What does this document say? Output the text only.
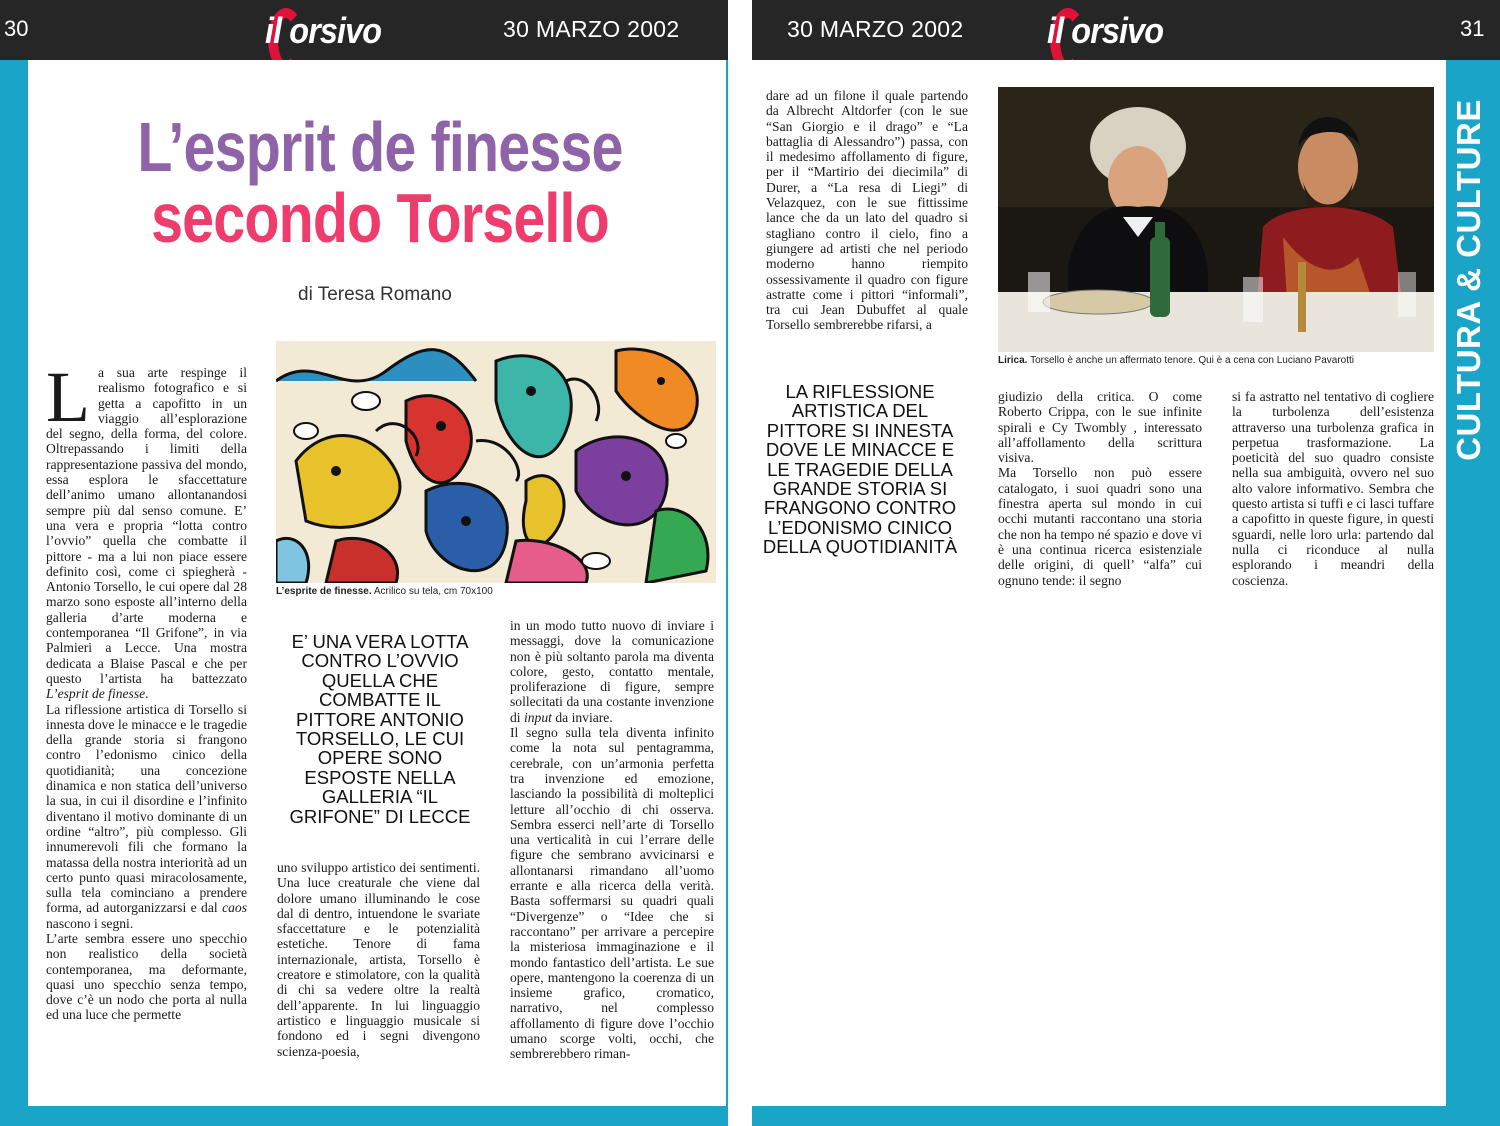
30	il orsivo	30 MARZO 2002
L’esprit de finesse
secondo Torsello
di Teresa Romano

La sua arte respinge il realismo fotografico e si getta a capofitto in un viaggio all’esplorazione del segno, della forma, del colore. Oltrepassando i limiti della rappresentazione passiva del mondo, essa esplora le sfaccettature dell’animo umano allontanandosi sempre più dal senso comune. E’ una vera e propria “lotta contro l’ovvio” quella che combatte il pittore - ma a lui non piace essere definito così, come ci spiegherà - Antonio Torsello, le cui opere dal 28 marzo sono esposte all’interno della galleria d’arte moderna e contemporanea “Il Grifone”, in via Palmieri a Lecce. Una mostra dedicata a Blaise Pascal e che per questo l’artista ha battezzato L’esprit de finesse.

La riflessione artistica di Torsello si innesta dove le minacce e le tragedie della grande storia si frangono contro l’edonismo cinico della quotidianità; una concezione dinamica e non statica dell’universo la sua, in cui il disordine e l’infinito diventano il motivo dominante di un ordine “altro”, più complesso. Gli innumerevoli fili che formano la matassa della nostra interiorità ad un certo punto quasi miracolosamente, sulla tela cominciano a prendere forma, ad autorganizzarsi e dal caos nascono i segni.

L’arte sembra essere uno specchio non realistico della società contemporanea, ma deformante, quasi uno specchio senza tempo, dove c’è un nodo che porta al nulla ed una luce che permette

L’esprite de finesse. Acrilico su tela, cm 70x100
E’ UNA VERA LOTTA CONTRO L’OVVIO QUELLA CHE COMBATTE IL PITTORE ANTONIO TORSELLO, LE CUI OPERE SONO ESPOSTE NELLA GALLERIA “IL GRIFONE” DI LECCE

uno sviluppo artistico dei sentimenti. Una luce creaturale che viene dal dolore umano illuminando le cose dal di dentro, intuendone le svariate sfaccettature e le potenzialità estetiche. Tenore di fama internazionale, artista, Torsello è creatore e stimolatore, con la qualità di chi sa vedere oltre la realtà dell’apparente. In lui linguaggio artistico e linguaggio musicale si fondono ed i segni divengono scienza-poesia,

in un modo tutto nuovo di inviare i messaggi, dove la comunicazione non è più soltanto parola ma diventa colore, gesto, contatto mentale, proliferazione di figure, sempre sollecitati da una costante invenzione di input da inviare.

Il segno sulla tela diventa infinito come la nota sul pentagramma, cerebrale, con un’armonia perfetta tra invenzione ed emozione, lasciando la possibilità di molteplici letture all’occhio di chi osserva. Sembra esserci nell’arte di Torsello una verticalità in cui l’errare delle figure che sembrano avvicinarsi e allontanarsi rimandano all’uomo errante e alla ricerca della verità. Basta soffermarsi su quadri quali “Divergenze” o “Idee che si raccontano” per arrivare a percepire la misteriosa immaginazione e il mondo fantastico dell’artista. Le sue opere, mantengono la coerenza di un insieme grafico, cromatico, narrativo, nel complesso affollamento di figure dove l’occhio umano scorge volti, occhi, che sembrerebbero riman-

30 MARZO 2002 il orsivo	31

dare ad un filone il quale partendo da Albrecht Altdorfer (con le sue “San Giorgio e il drago” e “La battaglia di Alessandro”) passa, con il medesimo affollamento di figure, per il “Martirio dei diecimila” di Durer, a “La resa di Liegi” di Velazquez, con le sue fittissime lance che da un lato del quadro si stagliano contro il cielo, fino a giungere ad artisti che nel periodo moderno hanno riempito ossessivamente il quadro con figure astratte come i pittori “informali”, tra cui Jean Dubuffet al quale Torsello sembrerebbe rifarsi, a

Lirica. Torsello è anche un affermato tenore. Qui è a cena con Luciano Pavarotti
LA RIFLESSIONE ARTISTICA DEL PITTORE SI INNESTA DOVE LE MINACCE E LE TRAGEDIE DELLA GRANDE STORIA SI FRANGONO CONTRO L’EDONISMO CINICO DELLA QUOTIDIANITÀ

giudizio della critica. O come Roberto Crippa, con le sue infinite spirali e Cy Twombly , interessato all’affollamento della scrittura visiva.

Ma Torsello non può essere catalogato, i suoi quadri sono una finestra aperta sul mondo in cui occhi mutanti raccontano una storia che non ha tempo né spazio e dove vi è una continua ricerca esistenziale delle origini, di quell’ “alfa” cui ognuno tende: il segno

si fa astratto nel tentativo di cogliere la turbolenza dell’esistenza attraverso una turbolenza grafica in perpetua trasformazione. La poeticità del suo quadro consiste nella sua ambiguità, ovvero nel suo alto valore informativo. Sembra che questo artista si tuffi e ci lasci tuffare a capofitto in queste figure, in questi sguardi, nelle loro urla: partendo dal nulla ci riconduce al nulla esplorando i meandri della coscienza.

CULTURA & CULTURE
